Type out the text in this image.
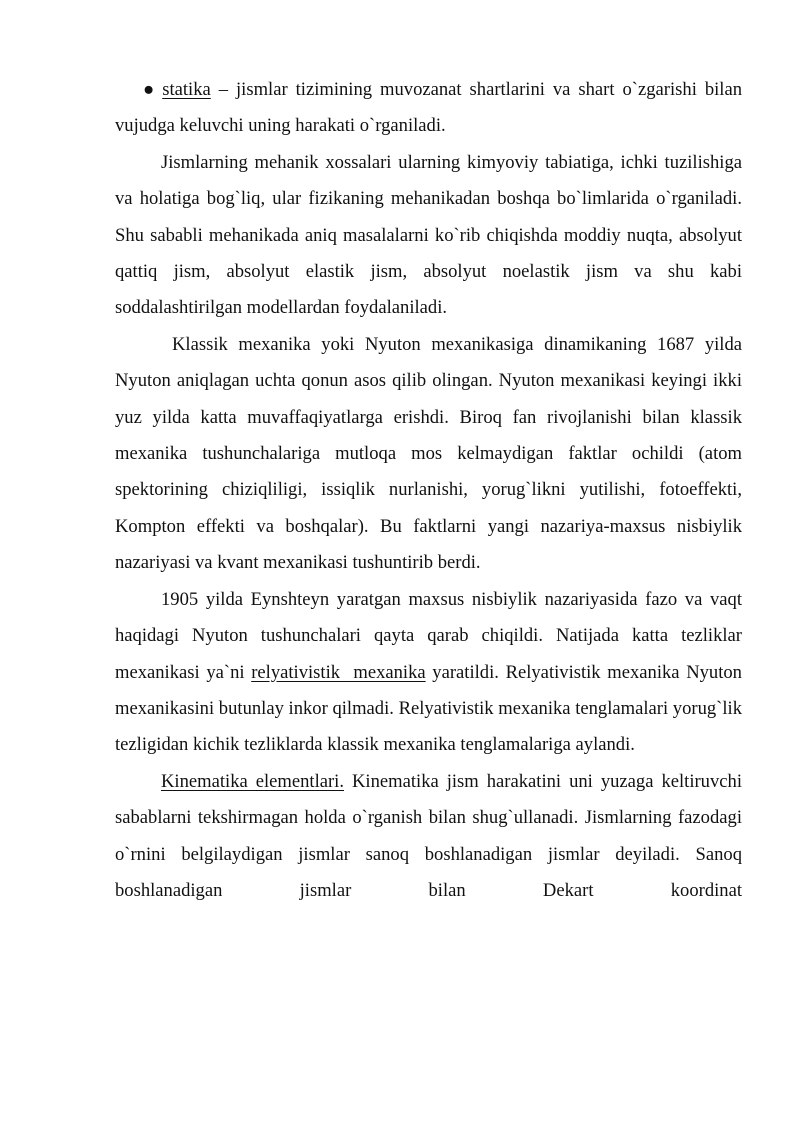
● statika – jismlar tizimining muvozanat shartlarini va shart o`zgarishi bilan vujudga keluvchi uning harakati o`rganiladi.

Jismlarning mehanik xossalari ularning kimyoviy tabiatiga, ichki tuzilishiga va holatiga bog`liq, ular fizikaning mehanikadan boshqa bo`limlarida o`rganiladi. Shu sababli mehanikada aniq masalalarni ko`rib chiqishda moddiy nuqta, absolyut qattiq jism, absolyut elastik jism, absolyut noelastik jism va shu kabi soddalashtirilgan modellardan foydalaniladi.

Klassik mexanika yoki Nyuton mexanikasiga dinamikaning 1687 yilda Nyuton aniqlagan uchta qonun asos qilib olingan. Nyuton mexanikasi keyingi ikki yuz yilda katta muvaffaqiyatlarga erishdi. Biroq fan rivojlanishi bilan klassik mexanika tushunchalariga mutloqa mos kelmaydigan faktlar ochildi (atom spektorining chiziqliligi, issiqlik nurlanishi, yorug`likni yutilishi, fotoeffekti, Kompton effekti va boshqalar). Bu faktlarni yangi nazariya-maxsus nisbiylik nazariyasi va kvant mexanikasi tushuntirib berdi.

1905 yilda Eynshteyn yaratgan maxsus nisbiylik nazariyasida fazo va vaqt haqidagi Nyuton tushunchalari qayta qarab chiqildi. Natijada katta tezliklar mexanikasi ya`ni relyativistik  mexanika yaratildi. Relyativistik mexanika Nyuton mexanikasini butunlay inkor qilmadi. Relyativistik mexanika tenglamalari yorug`lik tezligidan kichik tezliklarda klassik mexanika tenglamalariga aylandi.

Kinematika elementlari. Kinematika jism harakatini uni yuzaga keltiruvchi sabablarni tekshirmagan holda o`rganish bilan shug`ullanadi. Jismlarning fazodagi o`rnini belgilaydigan jismlar sanoq boshlanadigan jismlar deyiladi. Sanoq boshlanadigan jismlar bilan Dekart koordinat
